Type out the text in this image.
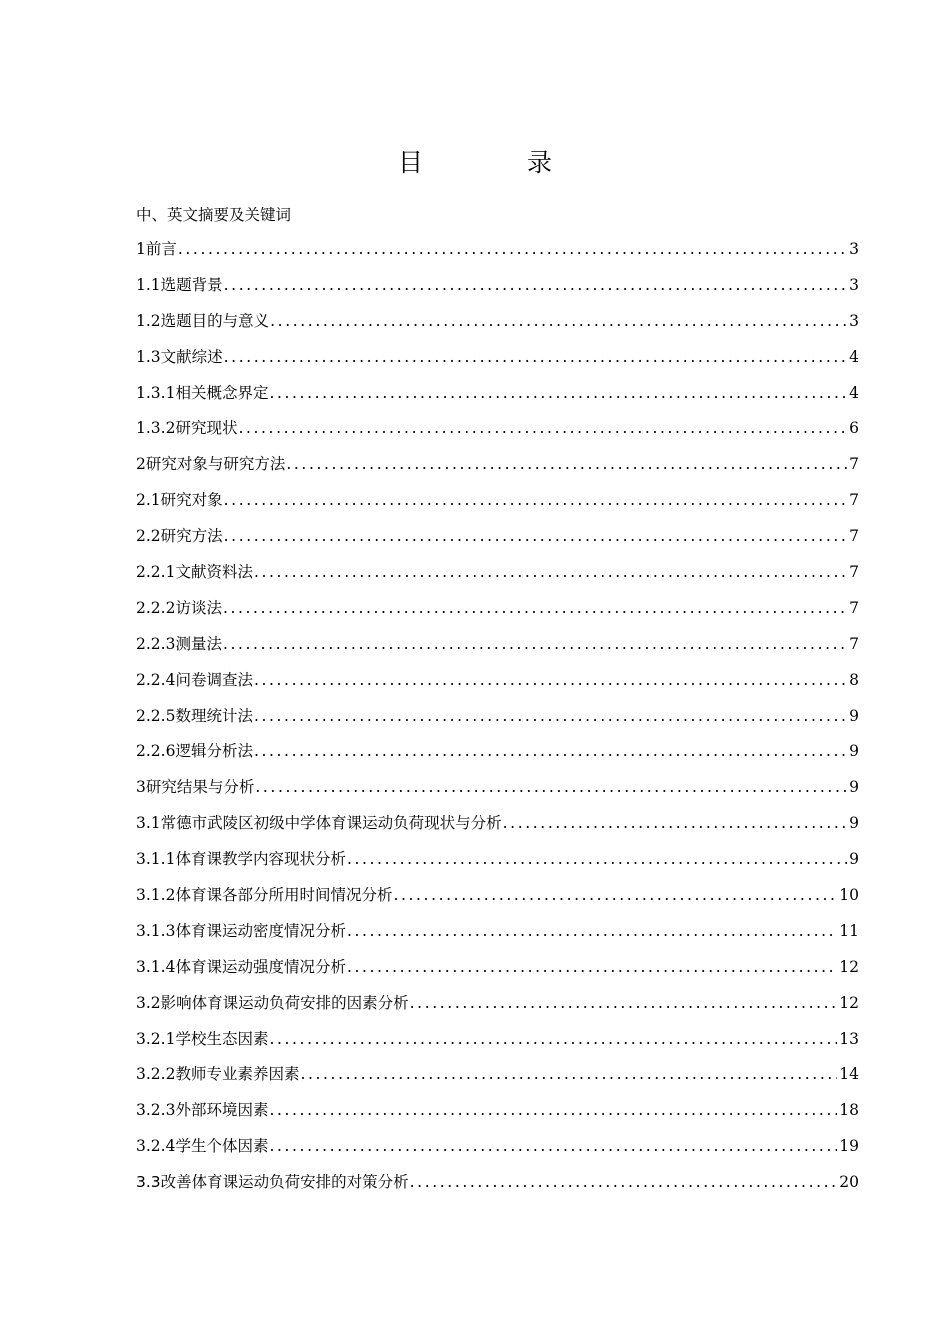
目 录
中、英文摘要及关键词
1前言 .....	3
1.1选题背景 .....	3
1.2选题目的与意义 .....	3
1.3文献综述 .....	4
1.3.1相关概念界定 .....	4
1.3.2研究现状 .....	6
2研究对象与研究方法 .....	7
2.1研究对象 .....	7
2.2研究方法 .....	7
2.2.1文献资料法 .....	7
2.2.2访谈法 .....	7
2.2.3测量法 .....	7
2.2.4问卷调查法 .....	8
2.2.5数理统计法 .....	9
2.2.6逻辑分析法 .....	9
3研究结果与分析 .....	9
3.1常德市武陵区初级中学体育课运动负荷现状与分析 .....	9
3.1.1体育课教学内容现状分析 .....	9
3.1.2体育课各部分所用时间情况分析 .....	10
3.1.3体育课运动密度情况分析 .....	11
3.1.4体育课运动强度情况分析 .....	12
3.2影响体育课运动负荷安排的因素分析 .....	12
3.2.1学校生态因素 .....	13
3.2.2教师专业素养因素 .....	14
3.2.3外部环境因素 .....	18
3.2.4学生个体因素 .....	19
3.3改善体育课运动负荷安排的对策分析 .....	20
